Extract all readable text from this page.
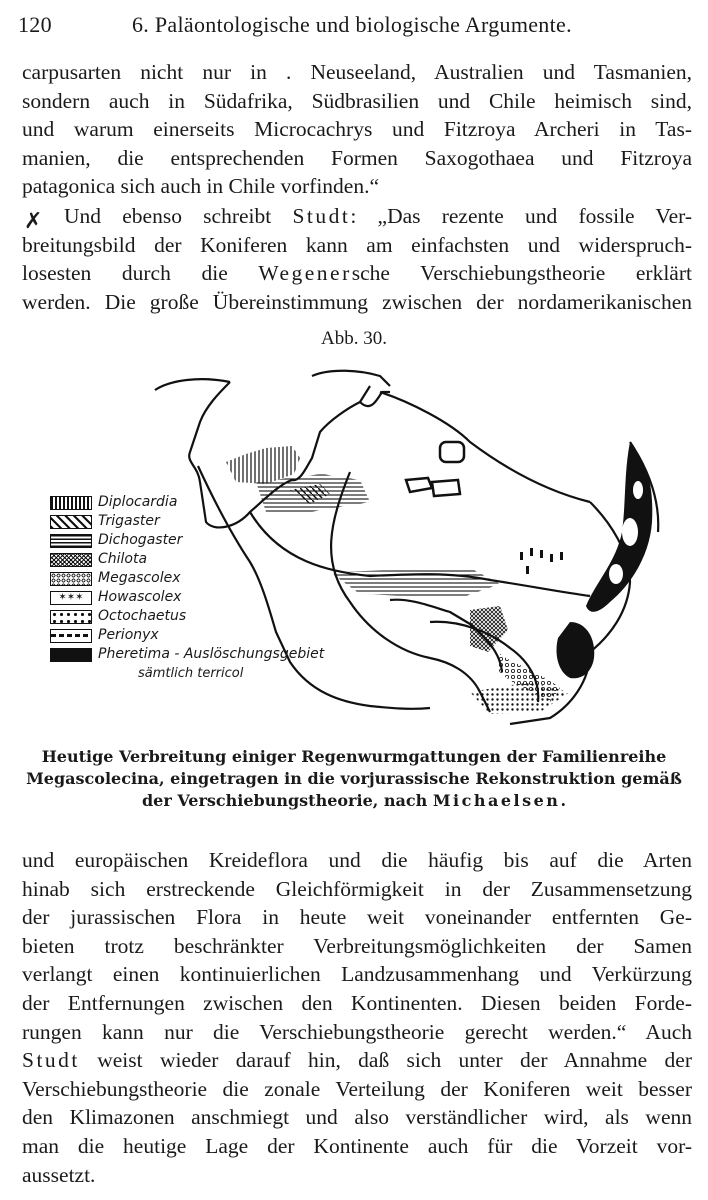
120	6. Paläontologische und biologische Argumente.

carpusarten nicht nur in . Neuseeland, Australien und Tasmanien,
sondern auch in Südafrika, Südbrasilien und Chile heimisch sind,
und warum einerseits Microcachrys und Fitzroya Archeri in Tas-
manien, die entsprechenden Formen Saxogothaea und Fitzroya
patagonica sich auch in Chile vorfinden.“

✗	Und ebenso schreibt Studt: „Das rezente und fossile Ver-
breitungsbild der Koniferen kann am einfachsten und widerspruch-
losesten durch die Wegenersche Verschiebungstheorie erklärt
werden. Die große Übereinstimmung zwischen der nordamerikanischen

Abb. 30.
Diplocardia
Trigaster
Dichogaster
Chilota
Megascolex
✶✶✶	Howascolex
Octochaetus
Perionyx
Pheretima - Auslöschungsgebiet
sämtlich terricol
Heutige Verbreitung einiger Regenwurmgattungen der Familienreihe
Megascolecina, eingetragen in die vorjurassische Rekonstruktion gemäß
der Verschiebungstheorie, nach Michaelsen.

und europäischen Kreideflora und die häufig bis auf die Arten
hinab sich erstreckende Gleichförmigkeit in der Zusammensetzung
der jurassischen Flora in heute weit voneinander entfernten Ge-
bieten trotz beschränkter Verbreitungsmöglichkeiten der Samen
verlangt einen kontinuierlichen Landzusammenhang und Verkürzung
der Entfernungen zwischen den Kontinenten. Diesen beiden Forde-
rungen kann nur die Verschiebungstheorie gerecht werden.“ Auch
Studt weist wieder darauf hin, daß sich unter der Annahme der
Verschiebungstheorie die zonale Verteilung der Koniferen weit besser
den Klimazonen anschmiegt und also verständlicher wird, als wenn
man die heutige Lage der Kontinente auch für die Vorzeit vor-
aussetzt.
